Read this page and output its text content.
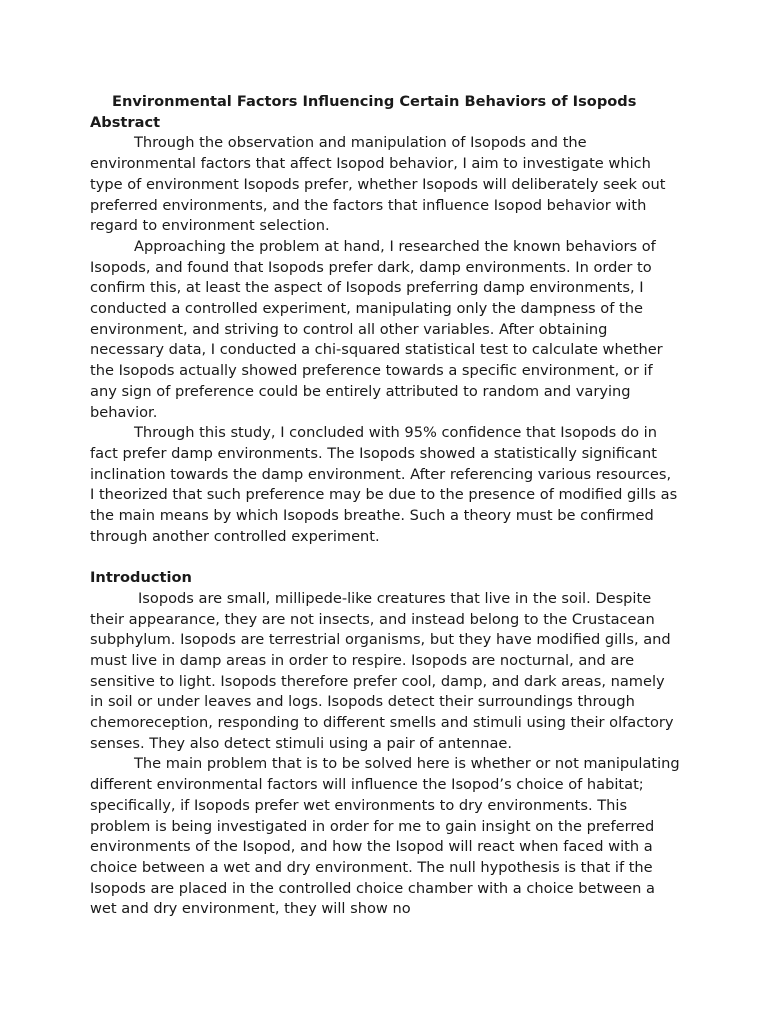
Environmental Factors Influencing Certain Behaviors of Isopods

Abstract

Through the observation and manipulation of Isopods and the environmental factors that affect Isopod behavior, I aim to investigate which type of environment Isopods prefer, whether Isopods will deliberately seek out preferred environments, and the factors that influence Isopod behavior with regard to environment selection.

Approaching the problem at hand, I researched the known behaviors of Isopods, and found that Isopods prefer dark, damp environments. In order to confirm this, at least the aspect of Isopods preferring damp environments, I conducted a controlled experiment, manipulating only the dampness of the environment, and striving to control all other variables. After obtaining necessary data, I conducted a chi-squared statistical test to calculate whether the Isopods actually showed preference towards a specific environment, or if any sign of preference could be entirely attributed to random and varying behavior.

Through this study, I concluded with 95% confidence that Isopods do in fact prefer damp environments. The Isopods showed a statistically significant inclination towards the damp environment. After referencing various resources, I theorized that such preference may be due to the presence of modified gills as the main means by which Isopods breathe. Such a theory must be confirmed through another controlled experiment.

Introduction

Isopods are small, millipede-like creatures that live in the soil. Despite their appearance, they are not insects, and instead belong to the Crustacean subphylum. Isopods are terrestrial organisms, but they have modified gills, and must live in damp areas in order to respire. Isopods are nocturnal, and are sensitive to light. Isopods therefore prefer cool, damp, and dark areas, namely in soil or under leaves and logs. Isopods detect their surroundings through chemoreception, responding to different smells and stimuli using their olfactory senses. They also detect stimuli using a pair of antennae.

The main problem that is to be solved here is whether or not manipulating different environmental factors will influence the Isopod’s choice of habitat; specifically, if Isopods prefer wet environments to dry environments. This problem is being investigated in order for me to gain insight on the preferred environments of the Isopod, and how the Isopod will react when faced with a choice between a wet and dry environment. The null hypothesis is that if the Isopods are placed in the controlled choice chamber with a choice between a wet and dry environment, they will show no
